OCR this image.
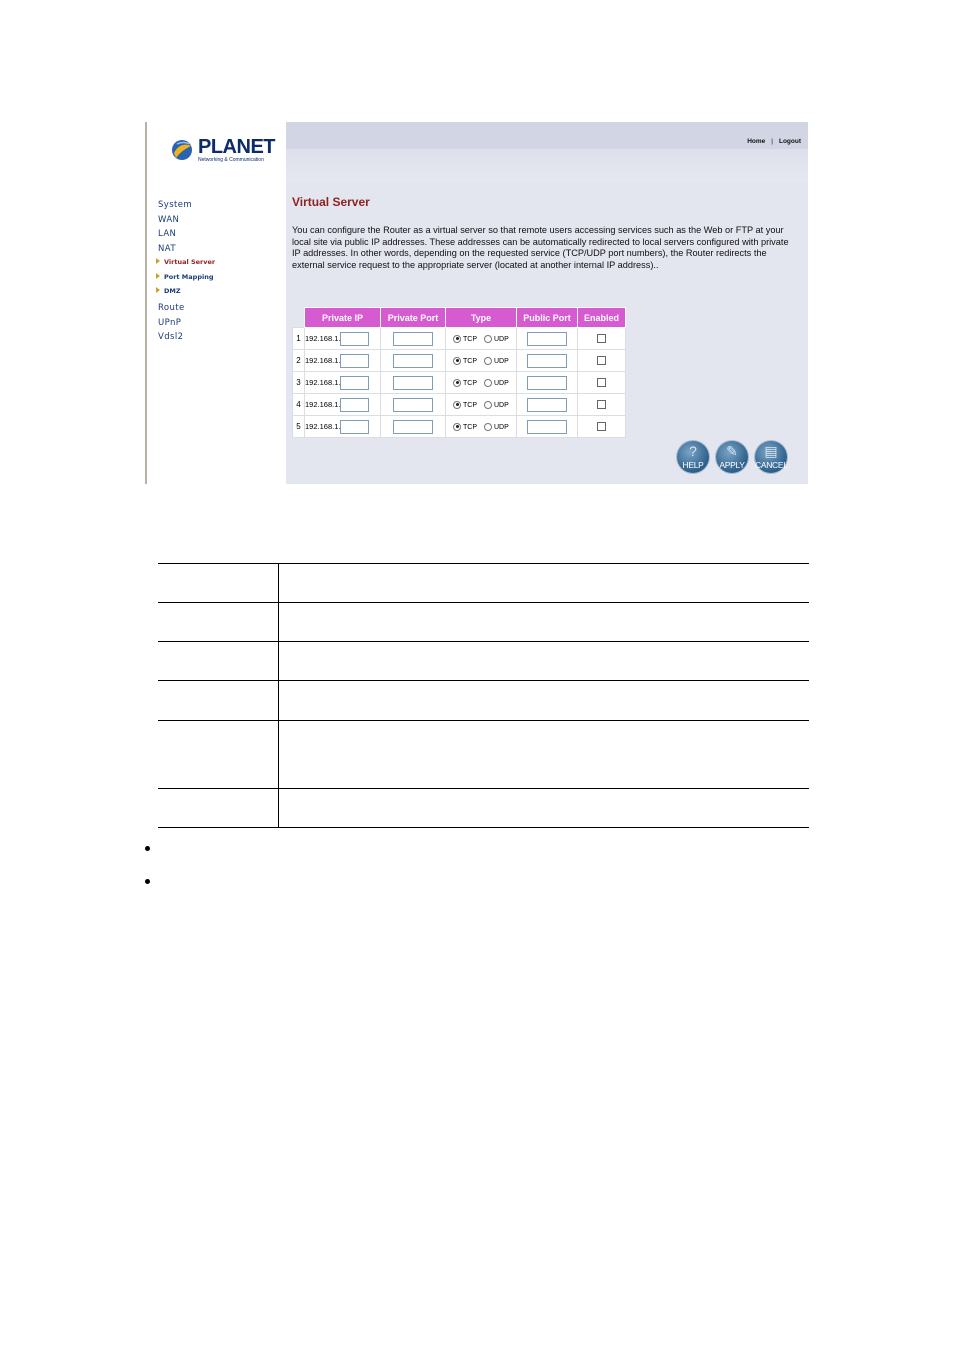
PLANET
Networking & Communication
System
WAN
LAN
NAT
Virtual Server
Port Mapping
DMZ
Route
UPnP
Vdsl2
Home | Logout
Virtual Server
You can configure the Router as a virtual server so that remote users accessing services such as the Web or FTP at your local site via public IP addresses. These addresses can be automatically redirected to local servers configured with private IP addresses. In other words, depending on the requested service (TCP/UDP port numbers), the Router redirects the external service request to the appropriate server (located at another internal IP address)..
	Private IP	Private Port	Type	Public Port	Enabled
1	192.168.1.		TCP UDP		
2	192.168.1.		TCP UDP		
3	192.168.1.		TCP UDP		
4	192.168.1.		TCP UDP		
5	192.168.1.		TCP UDP		
?
HELP
✎
APPLY
▤
CANCEL
